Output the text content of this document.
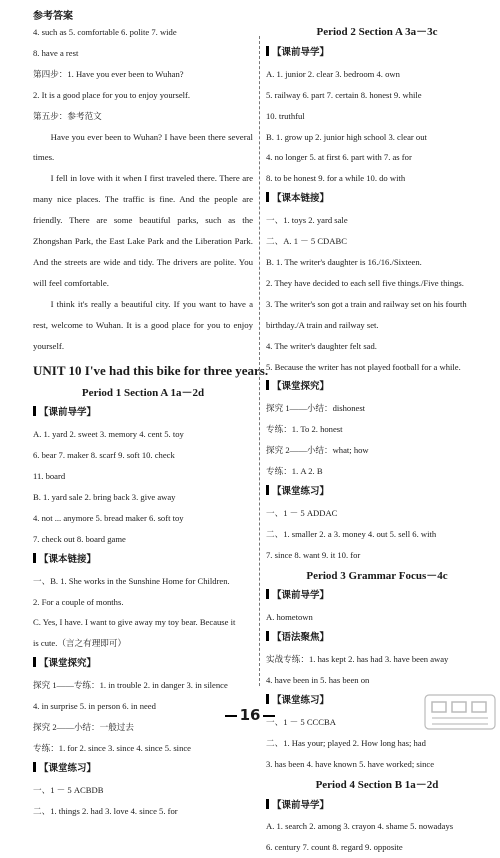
参考答案
4. such as 5. comfortable 6. polite 7. wide
8. have a rest
第四步：1. Have you ever been to Wuhan?
2. It is a good place for you to enjoy yourself.
第五步：参考范文
Have you ever been to Wuhan? I have been there several times.
I fell in love with it when I first traveled there. There are many nice places. The traffic is fine. And the people are friendly. There are some beautiful parks, such as the Zhongshan Park, the East Lake Park and the Liberation Park. And the streets are wide and tidy. The drivers are polite. You will feel comfortable.
I think it's really a beautiful city. If you want to have a rest, welcome to Wuhan. It is a good place for you to enjoy yourself.
UNIT 10 I've had this bike for three years.
Period 1 Section A 1a－2d
【课前导学】
A. 1. yard 2. sweet 3. memory 4. cent 5. toy
6. bear 7. maker 8. scarf 9. soft 10. check
11. board
B. 1. yard sale 2. bring back 3. give away
4. not ... anymore 5. bread maker 6. soft toy
7. check out 8. board game
【课本链接】
一、B. 1. She works in the Sunshine Home for Children.
2. For a couple of months.
C. Yes, I have. I want to give away my toy bear. Because it
is cute.（言之有理即可）
【课堂探究】
探究 1——专练：1. in trouble 2. in danger 3. in silence
4. in surprise 5. in person 6. in need
探究 2——小结：一般过去
专练：1. for 2. since 3. since 4. since 5. since
【课堂练习】
一、1 － 5 ACBDB
二、1. things 2. had 3. love 4. since 5. for
Period 2 Section A 3a－3c
【课前导学】
A. 1. junior 2. clear 3. bedroom 4. own
5. railway 6. part 7. certain 8. honest 9. while
10. truthful
B. 1. grow up 2. junior high school 3. clear out
4. no longer 5. at first 6. part with 7. as for
8. to be honest 9. for a while 10. do with
【课本链接】
一、1. toys 2. yard sale
二、A. 1 － 5 CDABC
B. 1. The writer's daughter is 16./16./Sixteen.
2. They have decided to each sell five things./Five things.
3. The writer's son got a train and railway set on his fourth
birthday./A train and railway set.
4. The writer's daughter felt sad.
5. Because the writer has not played football for a while.
【课堂探究】
探究 1——小结：dishonest
专练：1. To 2. honest
探究 2——小结：what; how
专练：1. A 2. B
【课堂练习】
一、1 － 5 ADDAC
二、1. smaller 2. a 3. money 4. out 5. sell 6. with
7. since 8. want 9. it 10. for
Period 3 Grammar Focus－4c
【课前导学】
A. hometown
【语法聚焦】
实战专练：1. has kept 2. has had 3. have been away
4. have been in 5. has been on
【课堂练习】
一、1 － 5 CCCBA
二、1. Has your; played 2. How long has; had
3. has been 4. have known 5. have worked; since
Period 4 Section B 1a－2d
【课前导学】
A. 1. search 2. among 3. crayon 4. shame 5. nowadays
6. century 7. count 8. regard 9. opposite
16
